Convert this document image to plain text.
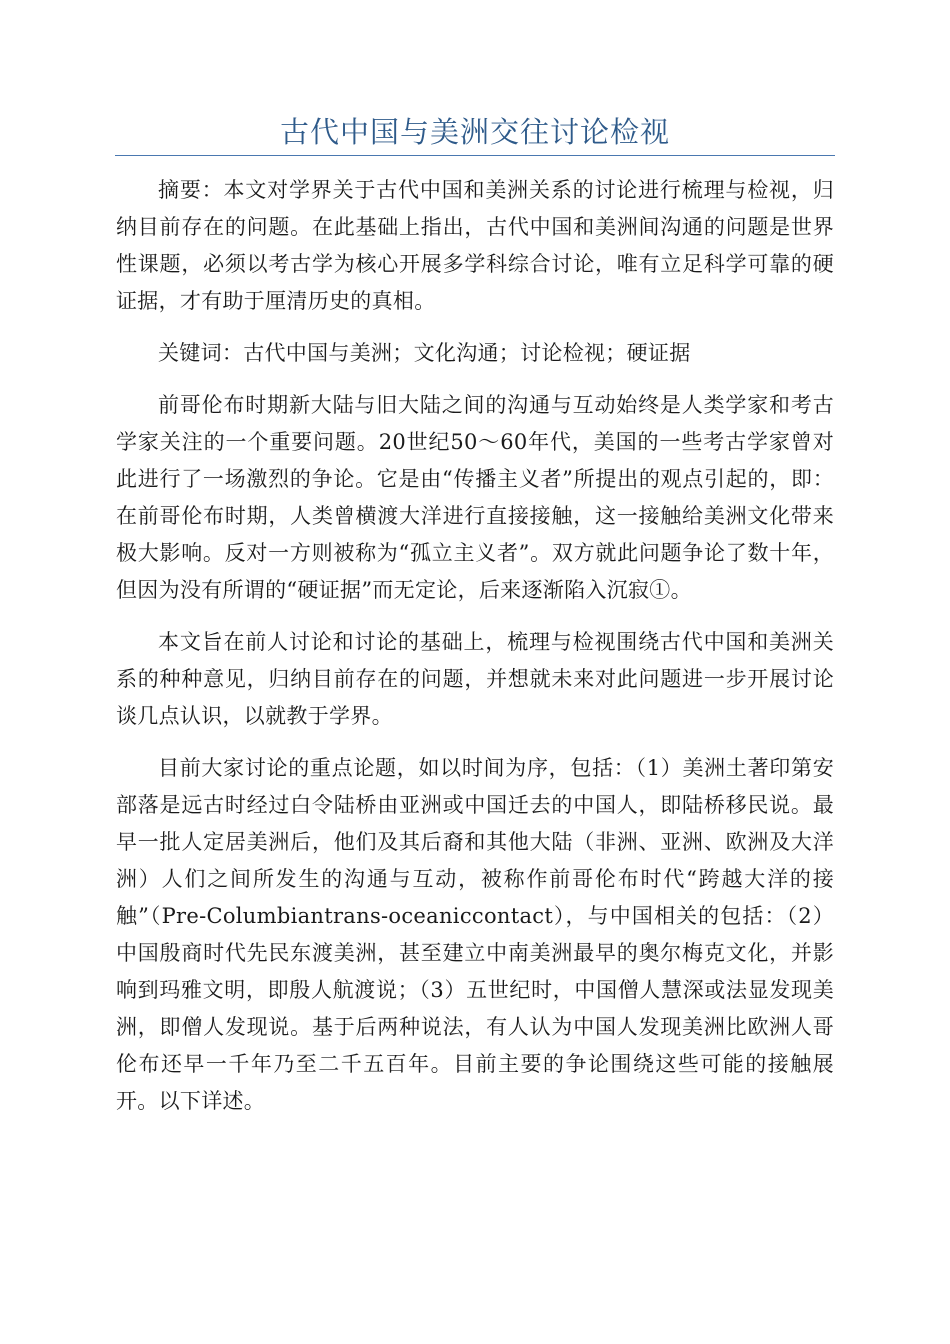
古代中国与美洲交往讨论检视

摘要：本文对学界关于古代中国和美洲关系的讨论进行梳理与检视，归纳目前存在的问题。在此基础上指出，古代中国和美洲间沟通的问题是世界性课题，必须以考古学为核心开展多学科综合讨论，唯有立足科学可靠的硬证据，才有助于厘清历史的真相。

关键词：古代中国与美洲；文化沟通；讨论检视；硬证据

前哥伦布时期新大陆与旧大陆之间的沟通与互动始终是人类学家和考古学家关注的一个重要问题。20世纪50～60年代，美国的一些考古学家曾对此进行了一场激烈的争论。它是由“传播主义者”所提出的观点引起的，即：在前哥伦布时期，人类曾横渡大洋进行直接接触，这一接触给美洲文化带来极大影响。反对一方则被称为“孤立主义者”。双方就此问题争论了数十年，但因为没有所谓的“硬证据”而无定论，后来逐渐陷入沉寂①。

本文旨在前人讨论和讨论的基础上，梳理与检视围绕古代中国和美洲关系的种种意见，归纳目前存在的问题，并想就未来对此问题进一步开展讨论谈几点认识，以就教于学界。

目前大家讨论的重点论题，如以时间为序，包括：（1）美洲土著印第安部落是远古时经过白令陆桥由亚洲或中国迁去的中国人，即陆桥移民说。最早一批人定居美洲后，他们及其后裔和其他大陆（非洲、亚洲、欧洲及大洋洲）人们之间所发生的沟通与互动，被称作前哥伦布时代“跨越大洋的接触”（Pre-Columbiantrans-oceaniccontact），与中国相关的包括：（2）中国殷商时代先民东渡美洲，甚至建立中南美洲最早的奥尔梅克文化，并影响到玛雅文明，即殷人航渡说；（3）五世纪时，中国僧人慧深或法显发现美洲，即僧人发现说。基于后两种说法，有人认为中国人发现美洲比欧洲人哥伦布还早一千年乃至二千五百年。目前主要的争论围绕这些可能的接触展开。以下详述。
